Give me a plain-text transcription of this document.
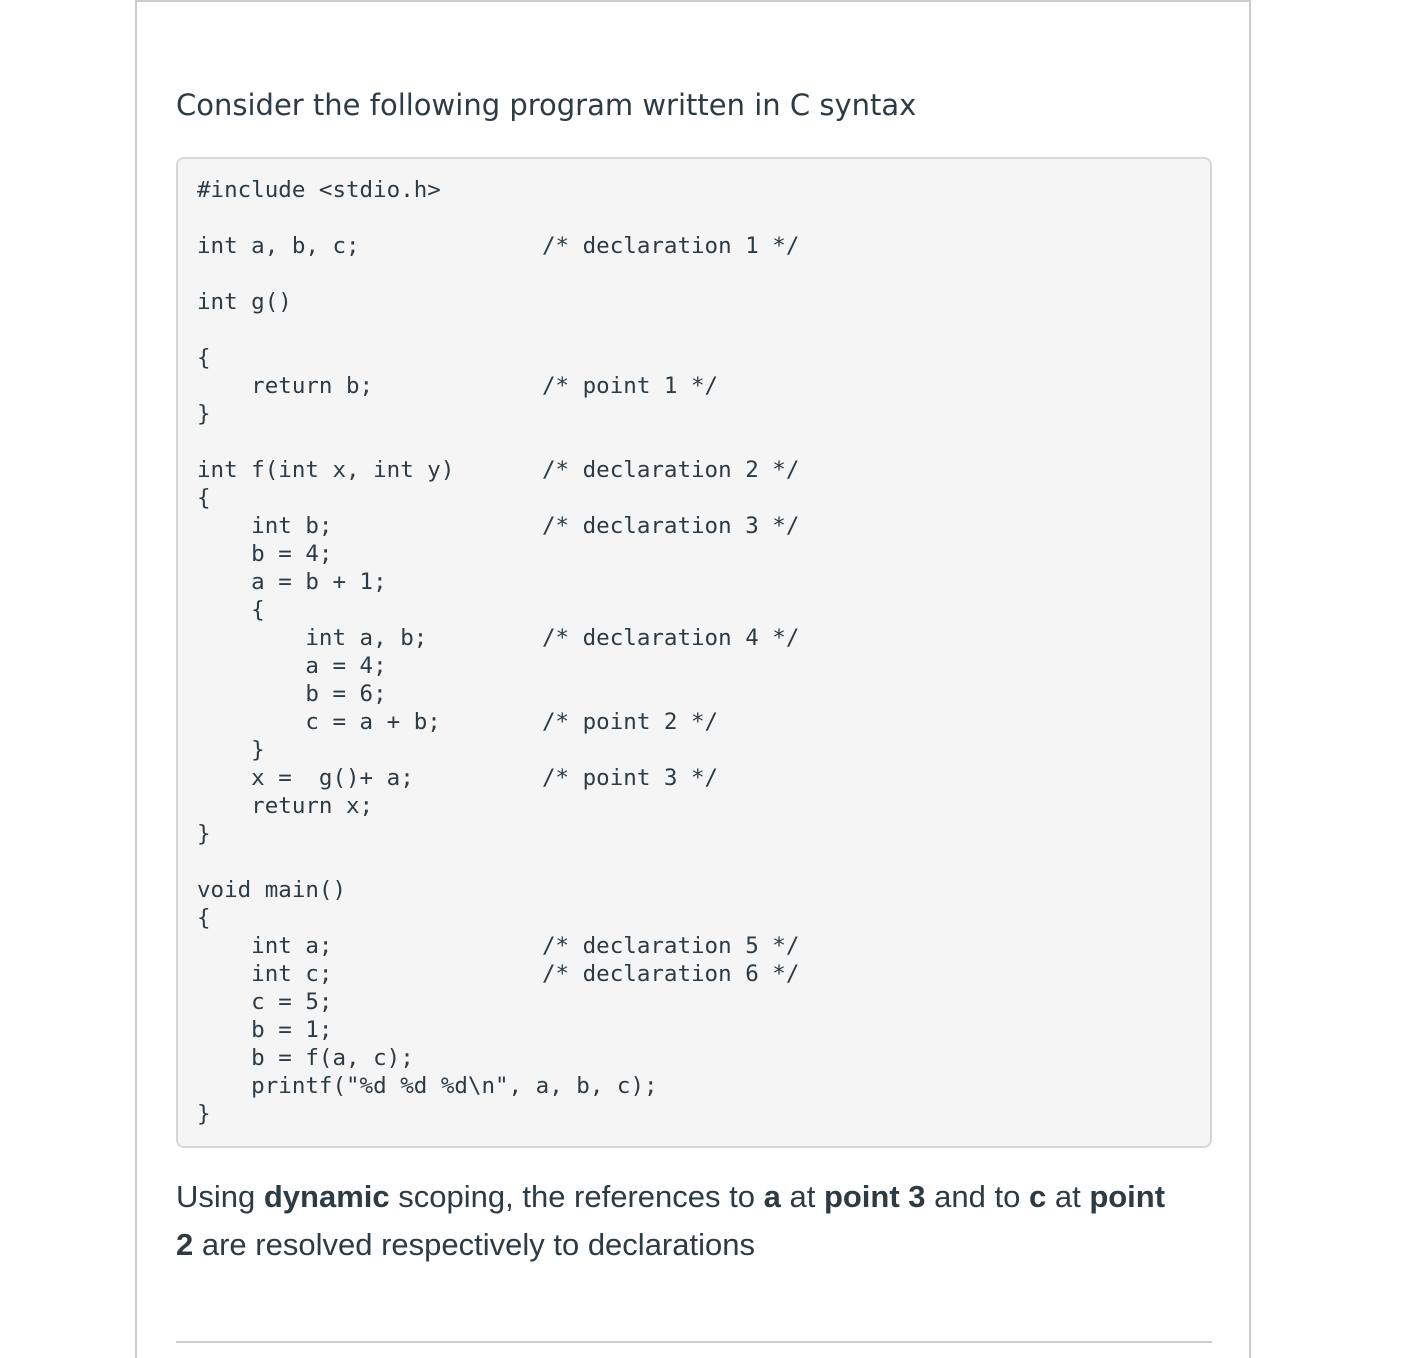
Consider the following program written in C syntax

#include <stdio.h>

int a, b, c;

int g()

{

return b;

}

int f(int x, int y)

{

int b;

b = 4;

a = b + 1;

{

int a, b;

a = 4;

b = 6;

c = a + b;

}

x =  g()+ a;

return x;

}

void main()

{

int a;

int c;

c = 5;

b = 1;

b = f(a, c);

printf("%d %d %d\n", a, b, c);

}

/* declaration 1 */

/* point 1 */

/* declaration 2 */

/* declaration 3 */

/* declaration 4 */

/* point 2 */

/* point 3 */

/* declaration 5 */

/* declaration 6 */

Using dynamic scoping, the references to a at point 3 and to c at point 2 are resolved respectively to declarations
